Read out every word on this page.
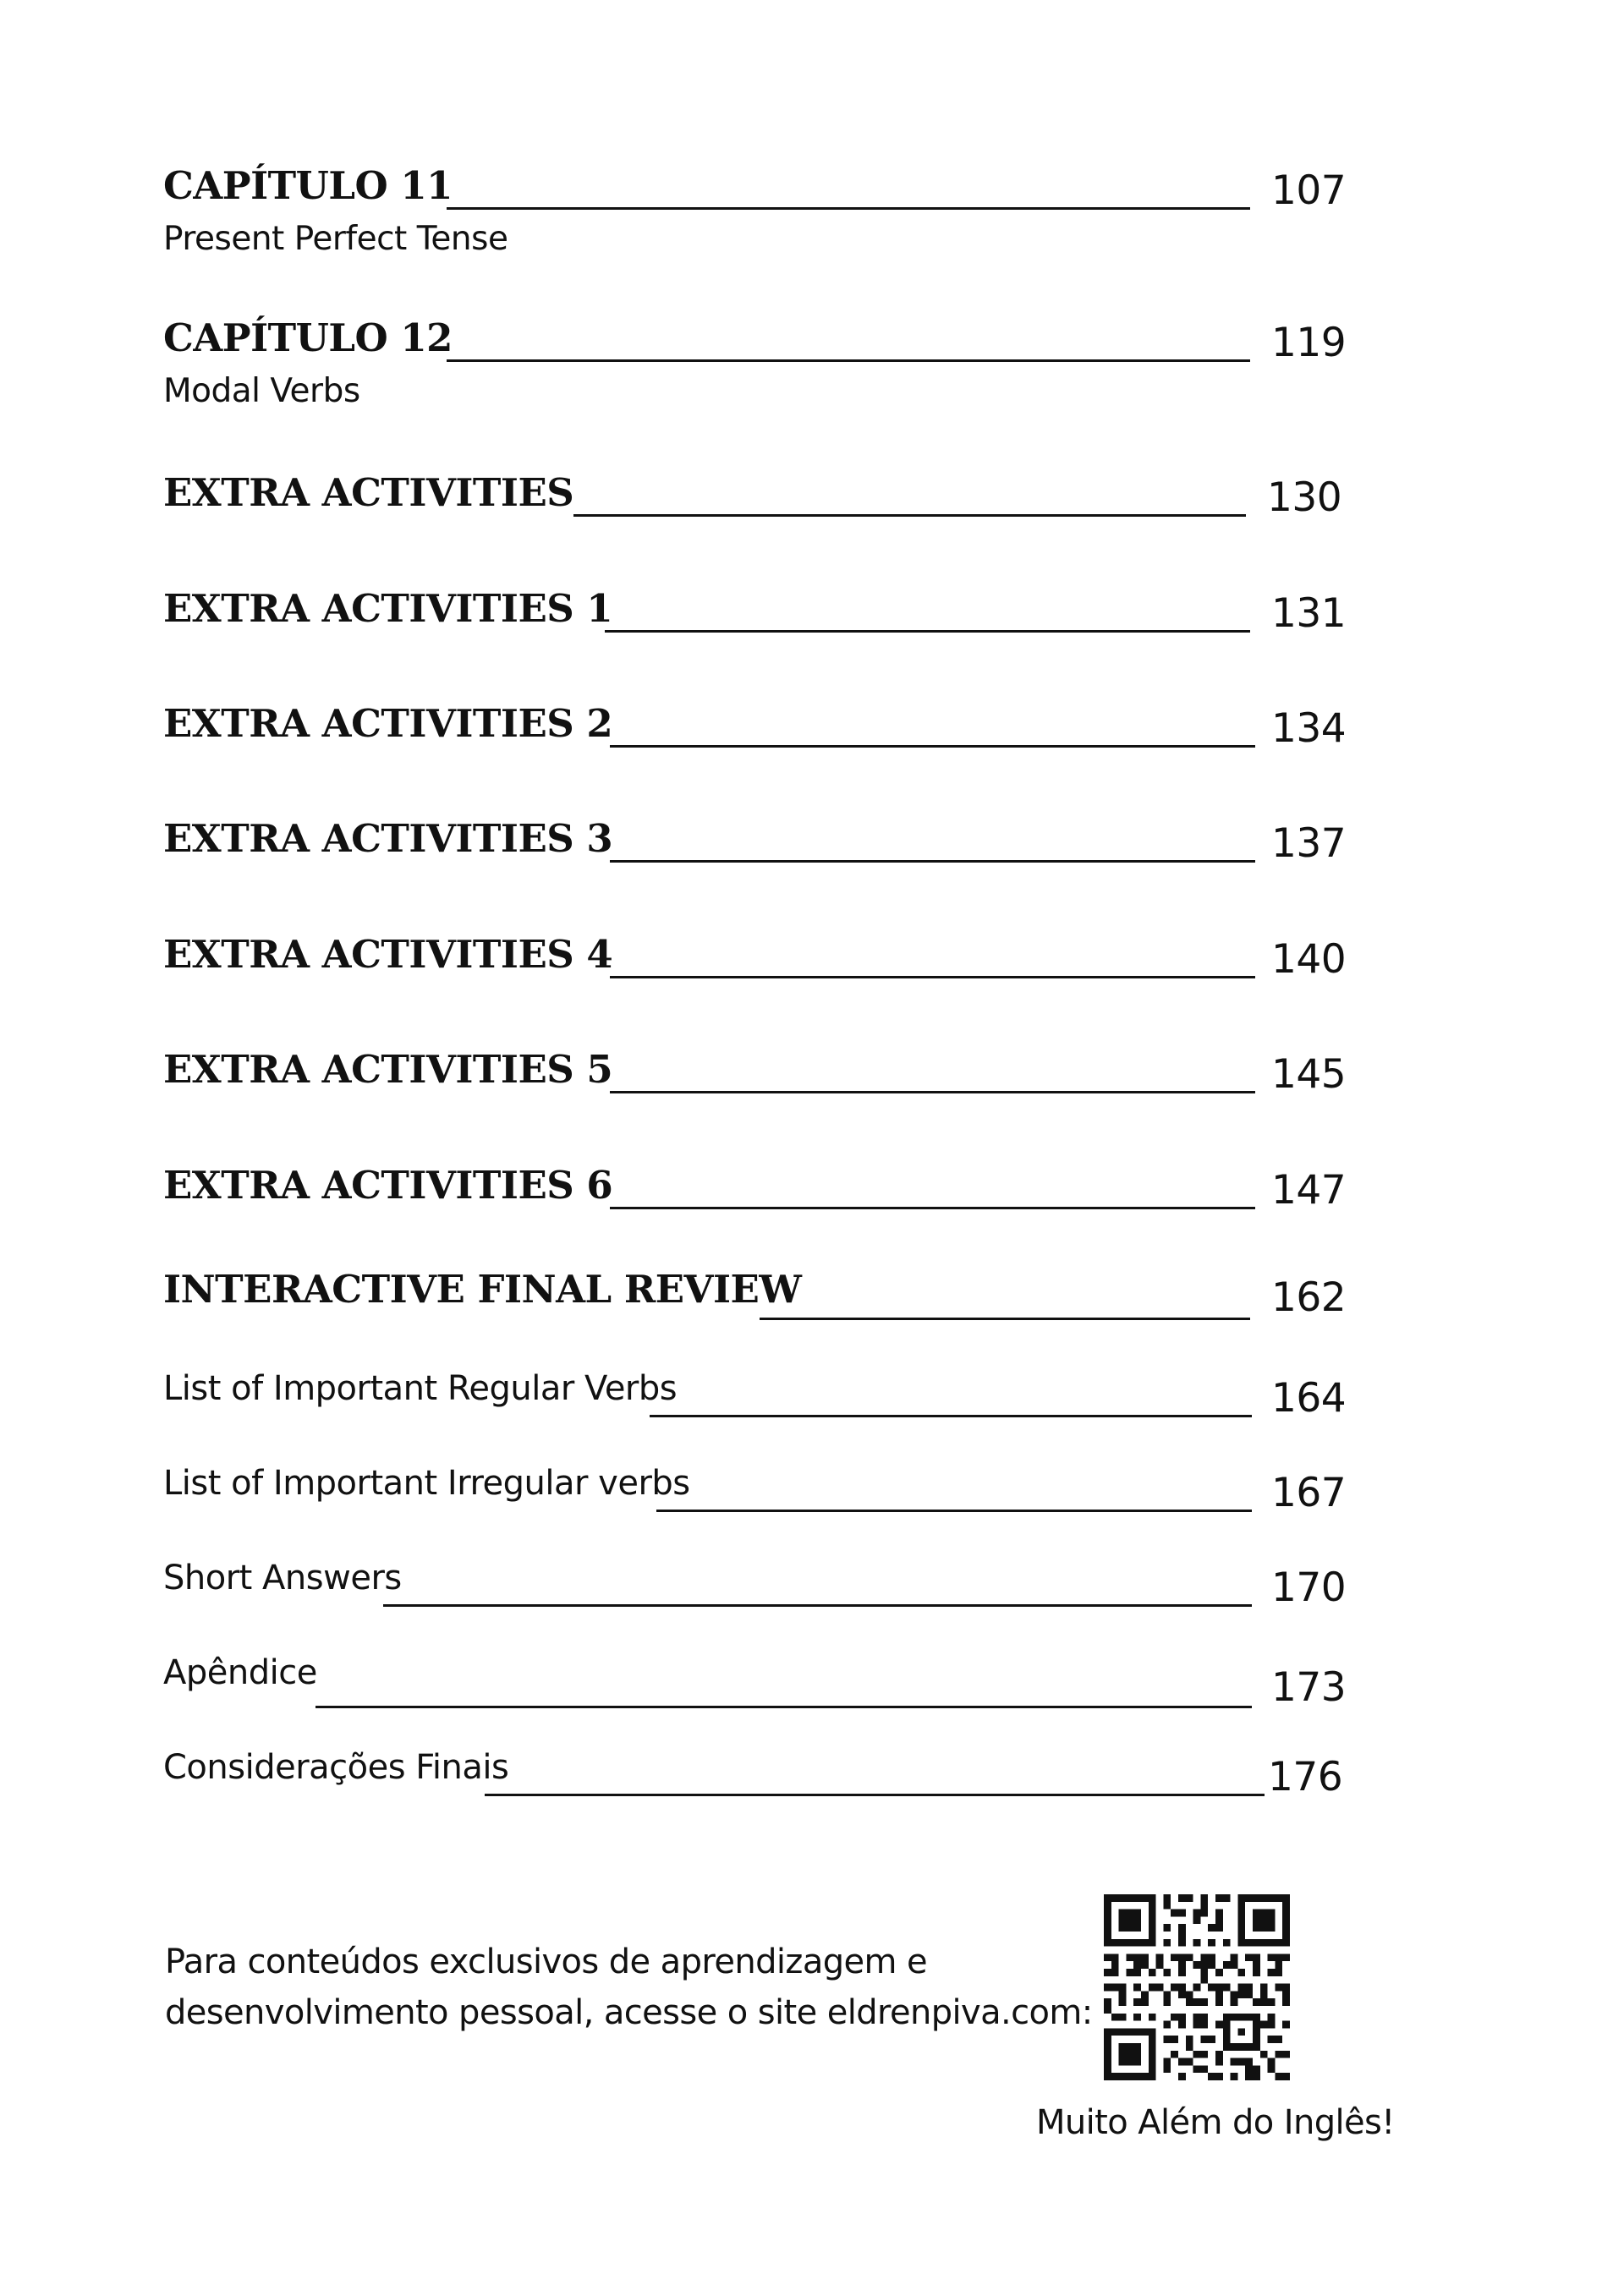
CAPÍTULO 11	107
Present Perfect Tense
CAPÍTULO 12	119
Modal Verbs
EXTRA ACTIVITIES	130
EXTRA ACTIVITIES 1	131
EXTRA ACTIVITIES 2	134
EXTRA ACTIVITIES 3	137
EXTRA ACTIVITIES 4	140
EXTRA ACTIVITIES 5	145
EXTRA ACTIVITIES 6	147
INTERACTIVE FINAL REVIEW	162
List of Important Regular Verbs	164
List of Important Irregular verbs	167
Short Answers	170
Apêndice	173
Considerações Finais	176
Para conteúdos exclusivos de aprendizagem e
desenvolvimento pessoal, acesse o site eldrenpiva.com:
Muito Além do Inglês!
